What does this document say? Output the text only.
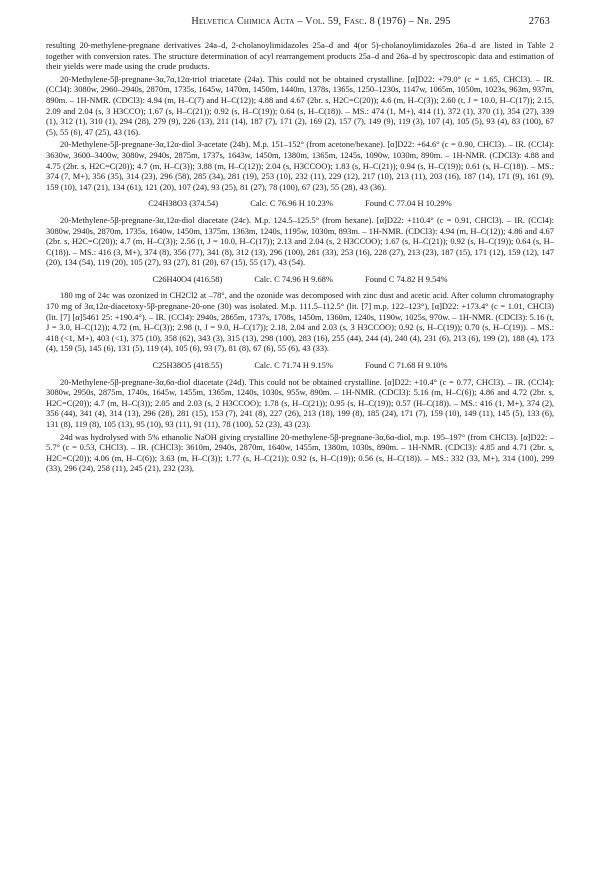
Helvetica Chimica Acta – Vol. 59, Fasc. 8 (1976) – Nr. 295	2763

resulting 20-methylene-pregnane derivatives 24a–d, 2-cholanoylimidazoles 25a–d and 4(or 5)-cholanoylimidazoles 26a–d are listed in Table 2 together with conversion rates. The structure determination of acyl rearrangement products 25a–d and 26a–d by spectroscopic data and estimation of their yields were made using the crude products.

20-Methylene-5β-pregnane-3α,7α,12α-triol triacetate (24a). This could not be obtained crystalline. [α]D22: +79.0° (c = 1.65, CHCl3). – IR. (CCl4): 3080w, 2960–2940s, 2870m, 1735s, 1645w, 1470m, 1450m, 1440m, 1378s, 1365s, 1250–1230s, 1147w, 1065m, 1050m, 1023s, 963m, 937m, 890m. – 1H-NMR. (CDCl3): 4.94 (m, H–C(7) and H–C(12)); 4.88 and 4.67 (2br. s, H2C=C(20)); 4.6 (m, H–C(3)); 2.60 (t, J = 10.0, H–C(17)); 2.15, 2.09 and 2.04 (s, 3 H3CCO); 1.67 (s, H–C(21)); 0.92 (s, H–C(19)); 0.64 (s, H–C(18)). – MS.: 474 (1, M+), 414 (1), 372 (1), 370 (1), 354 (27), 339 (1), 312 (1), 310 (1), 294 (28), 279 (9), 226 (13), 211 (14), 187 (7), 171 (2), 169 (2), 157 (7), 149 (9), 119 (3), 107 (4), 105 (5), 93 (4), 83 (100), 67 (5), 55 (6), 47 (25), 43 (16).

20-Methylene-5β-pregnane-3α,12α-diol 3-acetate (24b). M.p. 151–152° (from acetone/hexane). [α]D22: +64.6° (c = 0.90, CHCl3). – IR. (CCl4): 3630w, 3600–3400w, 3080w, 2940s, 2875m, 1737s, 1643w, 1450m, 1380m, 1365m, 1245s, 1090w, 1030m, 890m. – 1H-NMR. (CDCl3): 4.88 and 4.75 (2br. s, H2C=C(20)); 4.7 (m, H–C(3)); 3.88 (m, H–C(12)); 2.04 (s, H3CCOO); 1.83 (s, H–C(21)); 0.94 (s, H–C(19)); 0.61 (s, H–C(18)). – MS.: 374 (7, M+), 356 (35), 314 (23), 296 (58), 285 (34), 281 (19), 253 (10), 232 (11), 229 (12), 217 (10), 213 (11), 203 (16), 187 (14), 171 (9), 161 (9), 159 (10), 147 (21), 134 (61), 121 (20), 107 (24), 93 (25), 81 (27), 78 (100), 67 (23), 55 (28), 43 (36).

C24H38O3 (374.54)	Calc. C 76.96 H 10.23%	Found C 77.04 H 10.29%

20-Methylene-5β-pregnane-3α,12α-diol diacetate (24c). M.p. 124.5–125.5° (from hexane). [α]D22: +110.4° (c = 0.91, CHCl3). – IR. (CCl4): 3080w, 2940s, 2870m, 1735s, 1640w, 1450m, 1375m, 1363m, 1240s, 1195w, 1030m, 893m. – 1H-NMR. (CDCl3): 4.94 (m, H–C(12)); 4.86 and 4.67 (2br. s, H2C=C(20)); 4.7 (m, H–C(3)); 2.56 (t, J = 10.0, H–C(17)); 2.13 and 2.04 (s, 2 H3CCOO); 1.67 (s, H–C(21)); 0.92 (s, H–C(19)); 0.64 (s, H–C(18)). – MS.: 416 (3, M+), 374 (8), 356 (77), 341 (8), 312 (13), 296 (100), 281 (33), 253 (16), 228 (27), 213 (23), 187 (15), 171 (12), 159 (12), 147 (20), 134 (54), 119 (20), 105 (27), 93 (27), 81 (20), 67 (15), 55 (17), 43 (54).

C26H40O4 (416.58)	Calc. C 74.96 H 9.68%	Found C 74.82 H 9.54%

180 mg of 24c was ozonized in CH2Cl2 at –78°, and the ozonide was decomposed with zinc dust and acetic acid. After column chromatography 170 mg of 3α,12α-diacetoxy-5β-pregnane-20-one (30) was isolated. M.p. 111.5–112.5° (lit. [7] m.p. 122–123°), [α]D22: +173.4° (c = 1.01, CHCl3) (lit. [7] [α]5461 25: +190.4°). – IR. (CCl4): 2940s, 2865m, 1737s, 1708s, 1450m, 1360m, 1240s, 1190w, 1025s, 970w. – 1H-NMR. (CDCl3): 5.16 (t, J = 3.0, H–C(12)); 4.72 (m, H–C(3)); 2.98 (t, J = 9.0, H–C(17)); 2.18, 2.04 and 2.03 (s, 3 H3CCOO); 0.92 (s, H–C(19)); 0.70 (s, H–C(19)). – MS.: 418 (<1, M+), 403 (<1), 375 (10), 358 (62), 343 (3), 315 (13), 298 (100), 283 (16), 255 (44), 244 (4), 240 (4), 231 (6), 213 (6), 199 (2), 188 (4), 173 (4), 159 (5), 145 (6), 131 (5), 119 (4), 105 (6), 93 (7), 81 (8), 67 (6), 55 (6), 43 (33).

C25H38O5 (418.55)	Calc. C 71.74 H 9.15%	Found C 71.68 H 9.10%

20-Methylene-5β-pregnane-3α,6α-diol diacetate (24d). This could not be obtained crystalline. [α]D22: +10.4° (c = 0.77, CHCl3). – IR. (CCl4): 3080w, 2950s, 2875m, 1740s, 1645w, 1455m, 1365m, 1240s, 1030s, 955w, 890m. – 1H-NMR. (CDCl3): 5.16 (m, H–C(6)); 4.86 and 4.72 (2br. s, H2C=C(20)); 4.7 (m, H–C(3)); 2.05 and 2.03 (s, 2 H3CCOO); 1.78 (s, H–C(21)); 0.95 (s, H–C(19)); 0.57 (H–C(18)). – MS.: 416 (1, M+), 374 (2), 356 (44), 341 (4), 314 (13), 296 (28), 281 (15), 153 (7), 241 (8), 227 (26), 213 (18), 199 (8), 185 (24), 171 (7), 159 (10), 149 (11), 145 (5), 133 (6), 131 (8), 119 (8), 105 (13), 95 (10), 93 (11), 91 (11), 78 (100), 52 (23), 43 (23).

24d was hydrolysed with 5% ethanolic NaOH giving crystalline 20-methylene-5β-pregnane-3α,6α-diol, m.p. 195–197° (from CHCl3). [α]D22: –5.7° (c = 0.53, CHCl3). – IR. (CHCl3): 3610m, 2940s, 2870m, 1640w, 1455m, 1380m, 1030s, 890m. – 1H-NMR. (CDCl3): 4.85 and 4.71 (2br. s, H2C=C(20)); 4.06 (m, H–C(6)); 3.63 (m, H–C(3)); 1.77 (s, H–C(21)); 0.92 (s, H–C(19)); 0.56 (s, H–C(18)). – MS.: 332 (33, M+), 314 (100), 299 (33), 296 (24), 258 (11), 245 (21), 232 (23),
